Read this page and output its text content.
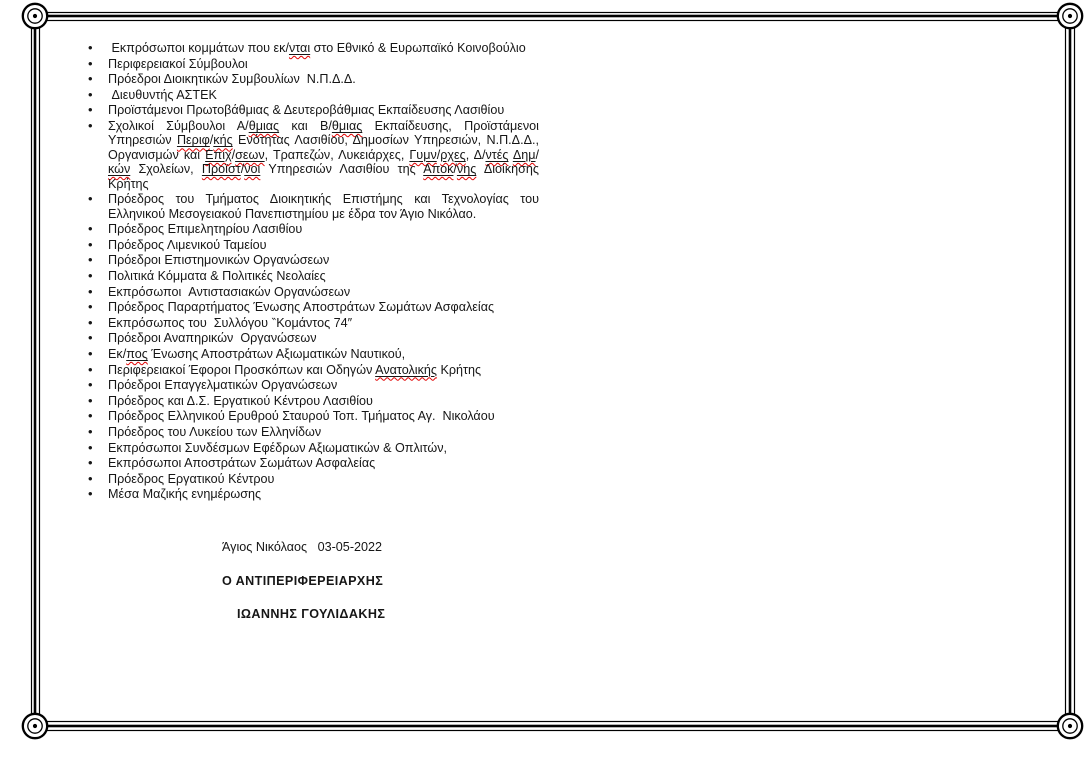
•  Εκπρόσωποι κομμάτων που εκ/νται στο Εθνικό & Ευρωπαϊκό Κοινοβούλιο
• Περιφερειακοί Σύμβουλοι
• Πρόεδροι Διοικητικών Συμβουλίων  Ν.Π.Δ.Δ.
•  Διευθυντής ΑΣΤΕΚ
• Προϊστάμενοι Πρωτοβάθμιας & Δευτεροβάθμιας Εκπαίδευσης Λασιθίου
• Σχολικοί Σύμβουλοι Α/θμιας και Β/θμιας Εκπαίδευσης, Προϊστάμενοι Υπηρεσιών Περιφ/κής Ενότητας Λασιθίου, Δημοσίων Υπηρεσιών, Ν.Π.Δ.Δ., Οργανισμών και Επιχ/σεων, Τραπεζών, Λυκειάρχες, Γυμν/ρχες, Δ/ντές Δημ/κών Σχολείων, Προϊστ/νοι Υπηρεσιών Λασιθίου της Αποκ/νης Διοίκησης Κρήτης
• Πρόεδρος του Τμήματος Διοικητικής Επιστήμης και Τεχνολογίας του Ελληνικού Μεσογειακού Πανεπιστημίου με έδρα τον Άγιο Νικόλαο.
• Πρόεδρος Επιμελητηρίου Λασιθίου
• Πρόεδρος Λιμενικού Ταμείου
• Πρόεδροι Επιστημονικών Οργανώσεων
• Πολιτικά Κόμματα & Πολιτικές Νεολαίες
• Εκπρόσωποι  Αντιστασιακών Οργανώσεων
• Πρόεδρος Παραρτήματος Ένωσης Αποστράτων Σωμάτων Ασφαλείας
• Εκπρόσωπος του  Συλλόγου ‶Κομάντος 74″
• Πρόεδροι Αναπηρικών  Οργανώσεων
• Εκ/πος Ένωσης Αποστράτων Αξιωματικών Ναυτικού,
• Περιφερειακοί Έφοροι Προσκόπων και Οδηγών Ανατολικής Κρήτης
• Πρόεδροι Επαγγελματικών Οργανώσεων
• Πρόεδρος και Δ.Σ. Εργατικού Κέντρου Λασιθίου
• Πρόεδρος Ελληνικού Ερυθρού Σταυρού Τοπ. Τμήματος Αγ.  Νικολάου
• Πρόεδρος του Λυκείου των Ελληνίδων
• Εκπρόσωποι Συνδέσμων Εφέδρων Αξιωματικών & Οπλιτών,
• Εκπρόσωποι Αποστράτων Σωμάτων Ασφαλείας
• Πρόεδρος Εργατικού Κέντρου
• Μέσα Μαζικής ενημέρωσης
Άγιος Νικόλαος   03-05-2022
Ο ΑΝΤΙΠΕΡΙΦΕΡΕΙΑΡΧΗΣ
ΙΩΑΝΝΗΣ ΓΟΥΛΙΔΑΚΗΣ
